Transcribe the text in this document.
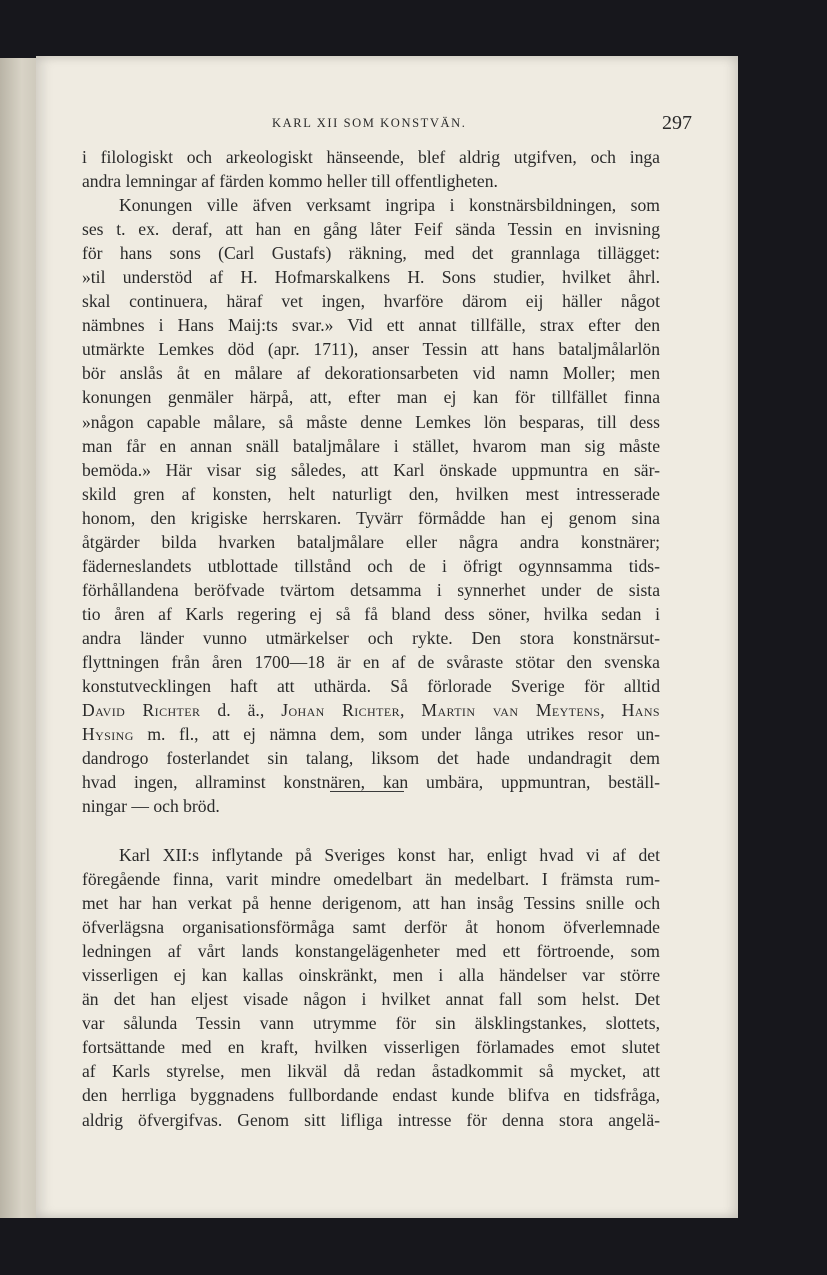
KARL XII SOM KONSTVÄN.	297
i filologiskt och arkeologiskt hänseende, blef aldrig utgifven, och inga
andra lemningar af färden kommo heller till offentligheten.
Konungen ville äfven verksamt ingripa i konstnärsbildningen, som
ses t. ex. deraf, att han en gång låter Feif sända Tessin en invisning
för hans sons (Carl Gustafs) räkning, med det grannlaga tillägget:
»til understöd af H. Hofmarskalkens H. Sons studier, hvilket åhrl.
skal continuera, häraf vet ingen, hvarföre därom eij häller något
nämbnes i Hans Maij:ts svar.» Vid ett annat tillfälle, strax efter den
utmärkte Lemkes död (apr. 1711), anser Tessin att hans bataljmålarlön
bör anslås åt en målare af dekorationsarbeten vid namn Moller; men
konungen genmäler härpå, att, efter man ej kan för tillfället finna
»någon capable målare, så måste denne Lemkes lön besparas, till dess
man får en annan snäll bataljmålare i stället, hvarom man sig måste
bemöda.» Här visar sig således, att Karl önskade uppmuntra en sär-
skild gren af konsten, helt naturligt den, hvilken mest intresserade
honom, den krigiske herrskaren. Tyvärr förmådde han ej genom sina
åtgärder bilda hvarken bataljmålare eller några andra konstnärer;
fäderneslandets utblottade tillstånd och de i öfrigt ogynnsamma tids-
förhållandena beröfvade tvärtom detsamma i synnerhet under de sista
tio åren af Karls regering ej så få bland dess söner, hvilka sedan i
andra länder vunno utmärkelser och rykte. Den stora konstnärsut-
flyttningen från åren 1700—18 är en af de svåraste stötar den svenska
konstutvecklingen haft att uthärda. Så förlorade Sverige för alltid
David Richter d. ä., Johan Richter, Martin van Meytens, Hans
Hysing m. fl., att ej nämna dem, som under långa utrikes resor un-
dandrogo fosterlandet sin talang, liksom det hade undandragit dem
hvad ingen, allraminst konstnären, kan umbära, uppmuntran, beställ-
ningar — och bröd.
Karl XII:s inflytande på Sveriges konst har, enligt hvad vi af det
föregående finna, varit mindre omedelbart än medelbart. I främsta rum-
met har han verkat på henne derigenom, att han insåg Tessins snille och
öfverlägsna organisationsförmåga samt derför åt honom öfverlemnade
ledningen af vårt lands konstangelägenheter med ett förtroende, som
visserligen ej kan kallas oinskränkt, men i alla händelser var större
än det han eljest visade någon i hvilket annat fall som helst. Det
var sålunda Tessin vann utrymme för sin älsklingstankes, slottets,
fortsättande med en kraft, hvilken visserligen förlamades emot slutet
af Karls styrelse, men likväl då redan åstadkommit så mycket, att
den herrliga byggnadens fullbordande endast kunde blifva en tidsfråga,
aldrig öfvergifvas. Genom sitt lifliga intresse för denna stora angelä-
